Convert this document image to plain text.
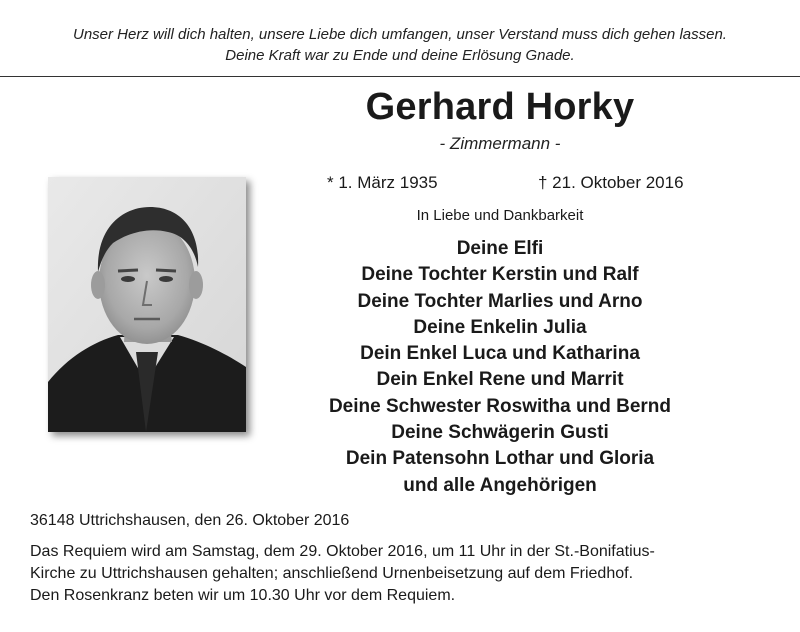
Unser Herz will dich halten, unsere Liebe dich umfangen, unser Verstand muss dich gehen lassen.
Deine Kraft war zu Ende und deine Erlösung Gnade.
Gerhard Horky
- Zimmermann -
* 1. März 1935	† 21. Oktober 2016
In Liebe und Dankbarkeit
Deine Elfi
Deine Tochter Kerstin und Ralf
Deine Tochter Marlies und Arno
Deine Enkelin Julia
Dein Enkel Luca und Katharina
Dein Enkel Rene und Marrit
Deine Schwester Roswitha und Bernd
Deine Schwägerin Gusti
Dein Patensohn Lothar und Gloria
und alle Angehörigen
36148 Uttrichshausen, den 26. Oktober 2016
Das Requiem wird am Samstag, dem 29. Oktober 2016, um 11 Uhr in der St.-Bonifatius-
Kirche zu Uttrichshausen gehalten; anschließend Urnenbeisetzung auf dem Friedhof.
Den Rosenkranz beten wir um 10.30 Uhr vor dem Requiem.
